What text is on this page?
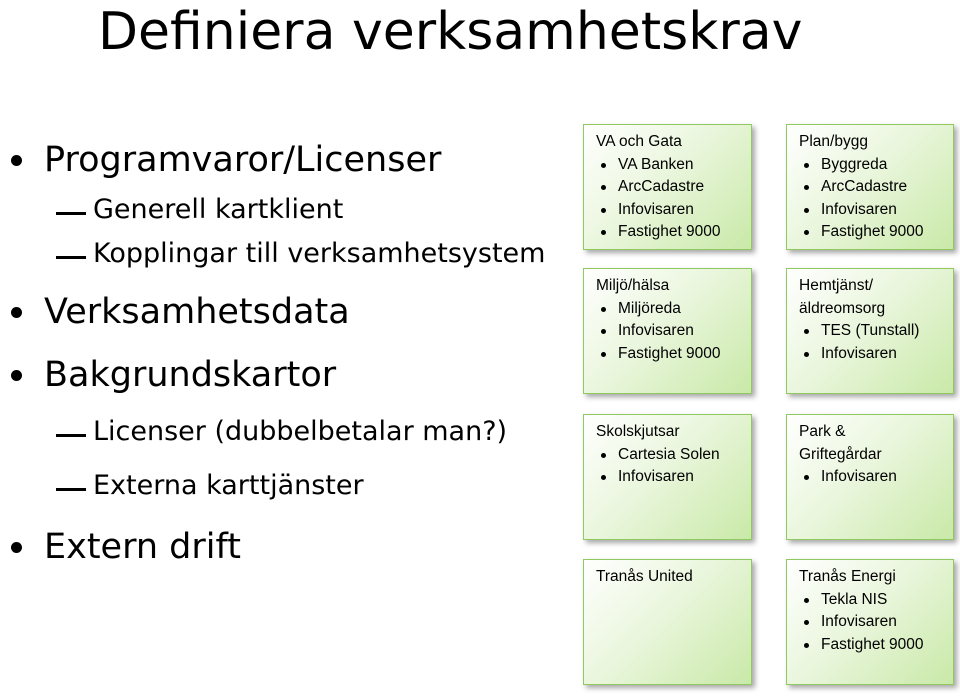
Definiera verksamhetskrav
Programvaror/Licenser
Generell kartklient
Kopplingar till verksamhetsystem
Verksamhetsdata
Bakgrundskartor
Licenser (dubbelbetalar man?)
Externa karttjänster
Extern drift
VA och Gata
VA Banken
ArcCadastre
Infovisaren
Fastighet 9000
Plan/bygg
Byggreda
ArcCadastre
Infovisaren
Fastighet 9000
Miljö/hälsa
Miljöreda
Infovisaren
Fastighet 9000
Hemtjänst/
äldreomsorg
TES (Tunstall)
Infovisaren
Skolskjutsar
Cartesia Solen
Infovisaren
Park &
Griftegårdar
Infovisaren
Tranås United	Tranås Energi
Tekla NIS
Infovisaren
Fastighet 9000
